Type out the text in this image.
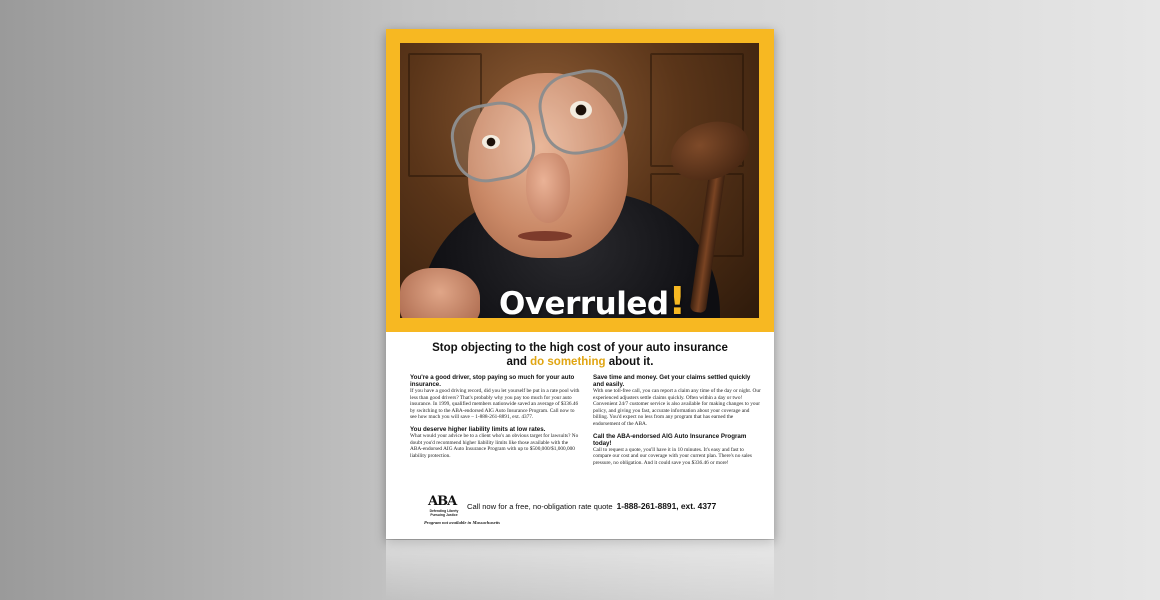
Overruled!
Stop objecting to the high cost of your auto insurance
and do something about it.
You're a good driver, stop paying so much for your auto insurance.
If you have a good driving record, did you let yourself be put in a rate pool with less than good drivers? That's probably why you pay too much for your auto insurance. In 1999, qualified members nationwide saved an average of $336.46 by switching to the ABA-endorsed AIG Auto Insurance Program. Call now to see how much you will save – 1-888-261-8891, ext. 4377.
You deserve higher liability limits at low rates.
What would your advice be to a client who's an obvious target for lawsuits? No doubt you'd recommend higher liability limits like those available with the ABA-endorsed AIG Auto Insurance Program with up to $500,000/$1,000,000 liability protection.
Save time and money. Get your claims settled quickly and easily.
With one toll-free call, you can report a claim any time of the day or night. Our experienced adjusters settle claims quickly. Often within a day or two! Convenient 24/7 customer service is also available for making changes to your policy, and giving you fast, accurate information about your coverage and billing. You'd expect no less from any program that has earned the endorsement of the ABA.
Call the ABA-endorsed AIG Auto Insurance Program today!
Call to request a quote, you'll have it in 10 minutes. It's easy and fast to compare our cost and our coverage with your current plan. There's no sales pressure, no obligation. And it could save you $336.46 or more!
ABA
Defending Liberty Pursuing Justice
Call now for a free, no-obligation rate quote 1-888-261-8891, ext. 4377
Program not available in Massachusetts
